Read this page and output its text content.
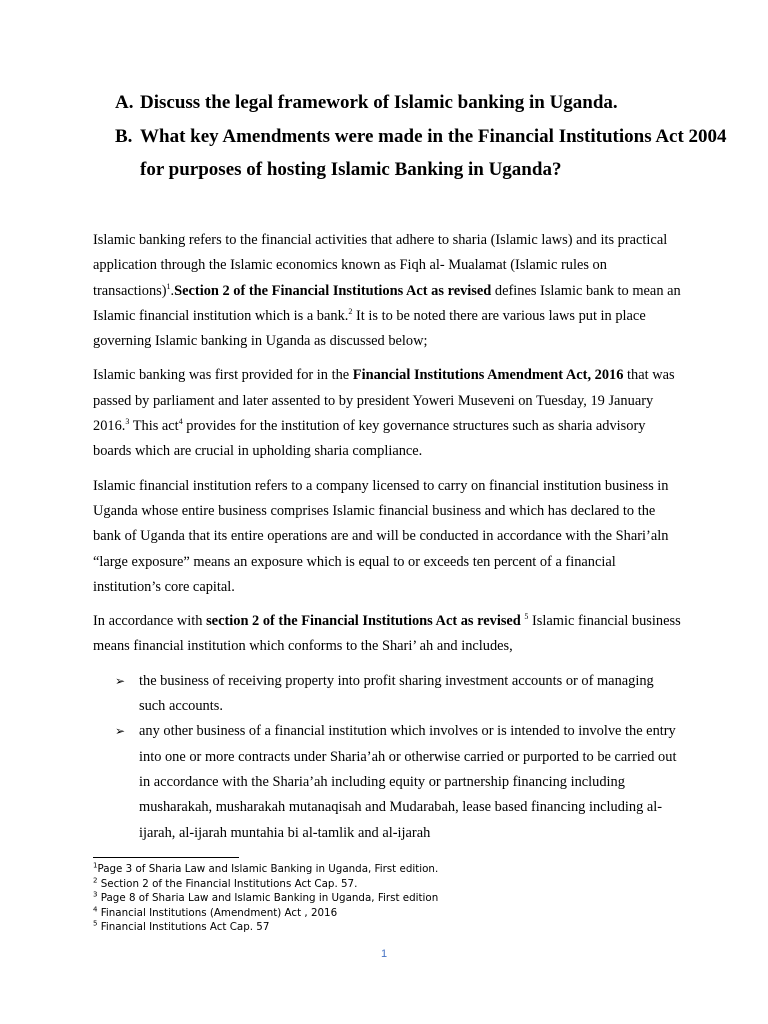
A. Discuss the legal framework of Islamic banking in Uganda.
B. What key Amendments were made in the Financial Institutions Act 2004 for purposes of hosting Islamic Banking in Uganda?

Islamic banking refers to the financial activities that adhere to sharia (Islamic laws) and its practical application through the Islamic economics known as Fiqh al- Mualamat (Islamic rules on transactions)$^1$.Section 2 of the Financial Institutions Act as revised defines Islamic bank to mean an Islamic financial institution which is a bank.$^2$ It is to be noted there are various laws put in place governing Islamic banking in Uganda as discussed below;

Islamic banking was first provided for in the Financial Institutions Amendment Act, 2016 that was passed by parliament and later assented to by president Yoweri Museveni on Tuesday, 19 January 2016.$^3$ This act$^4$ provides for the institution of key governance structures such as sharia advisory boards which are crucial in upholding sharia compliance.

Islamic financial institution refers to a company licensed to carry on financial institution business in Uganda whose entire business comprises Islamic financial business and which has declared to the bank of Uganda that its entire operations are and will be conducted in accordance with the Shari’aln “large exposure” means an exposure which is equal to or exceeds ten percent of a financial institution’s core capital.

In accordance with section 2 of the Financial Institutions Act as revised $^5$ Islamic financial business means financial institution which conforms to the Shari’ ah and includes,

➢ the business of receiving property into profit sharing investment accounts or of managing such accounts.
➢ any other business of a financial institution which involves or is intended to involve the entry into one or more contracts under Sharia’ah or otherwise carried or purported to be carried out in accordance with the Sharia’ah including equity or partnership financing including musharakah, musharakah mutanaqisah and Mudarabah, lease based financing including al-ijarah, al-ijarah muntahia bi al-tamlik and al-ijarah
$^1$Page 3 of Sharia Law and Islamic Banking in Uganda, First edition.
$^2$ Section 2 of the Financial Institutions Act Cap. 57.
$^3$ Page 8 of Sharia Law and Islamic Banking in Uganda, First edition
$^4$ Financial Institutions (Amendment) Act , 2016
$^5$ Financial Institutions Act Cap. 57
1
